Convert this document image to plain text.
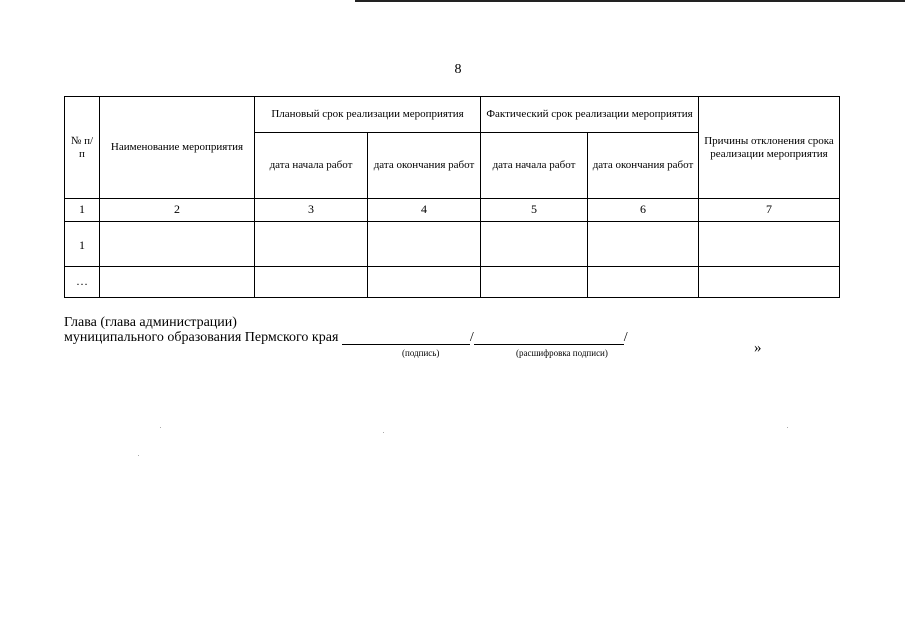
8
№ п/п	Наименование мероприятия	Плановый срок реализации мероприятия		Фактический срок реализации мероприятия		Причины отклонения срока реализации мероприятия
		дата начала работ	дата окончания работ	дата начала работ	дата окончания работ	
1	2	3	4	5	6	7
1						
…						
Глава (глава администрации)
муниципального образования Пермского края	/	/
(подпись)	(расшифровка подписи)	»
